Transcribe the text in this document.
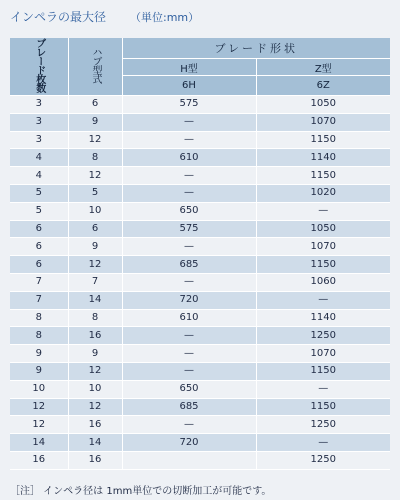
インペラの最大径 （単位:mm）
ブレード枚数	ハブ型式	ブレード形状	
		H型	Z型
		6H	6Z
3	6	575	1050
3	9	—	1070
3	12	—	1150
4	8	610	1140
4	12	—	1150
5	5	—	1020
5	10	650	—
6	6	575	1050
6	9	—	1070
6	12	685	1150
7	7	—	1060
7	14	720	—
8	8	610	1140
8	16	—	1250
9	9	—	1070
9	12	—	1150
10	10	650	—
12	12	685	1150
12	16	—	1250
14	14	720	—
16	16		1250
［注］ インペラ径は 1mm単位での切断加工が可能です。
